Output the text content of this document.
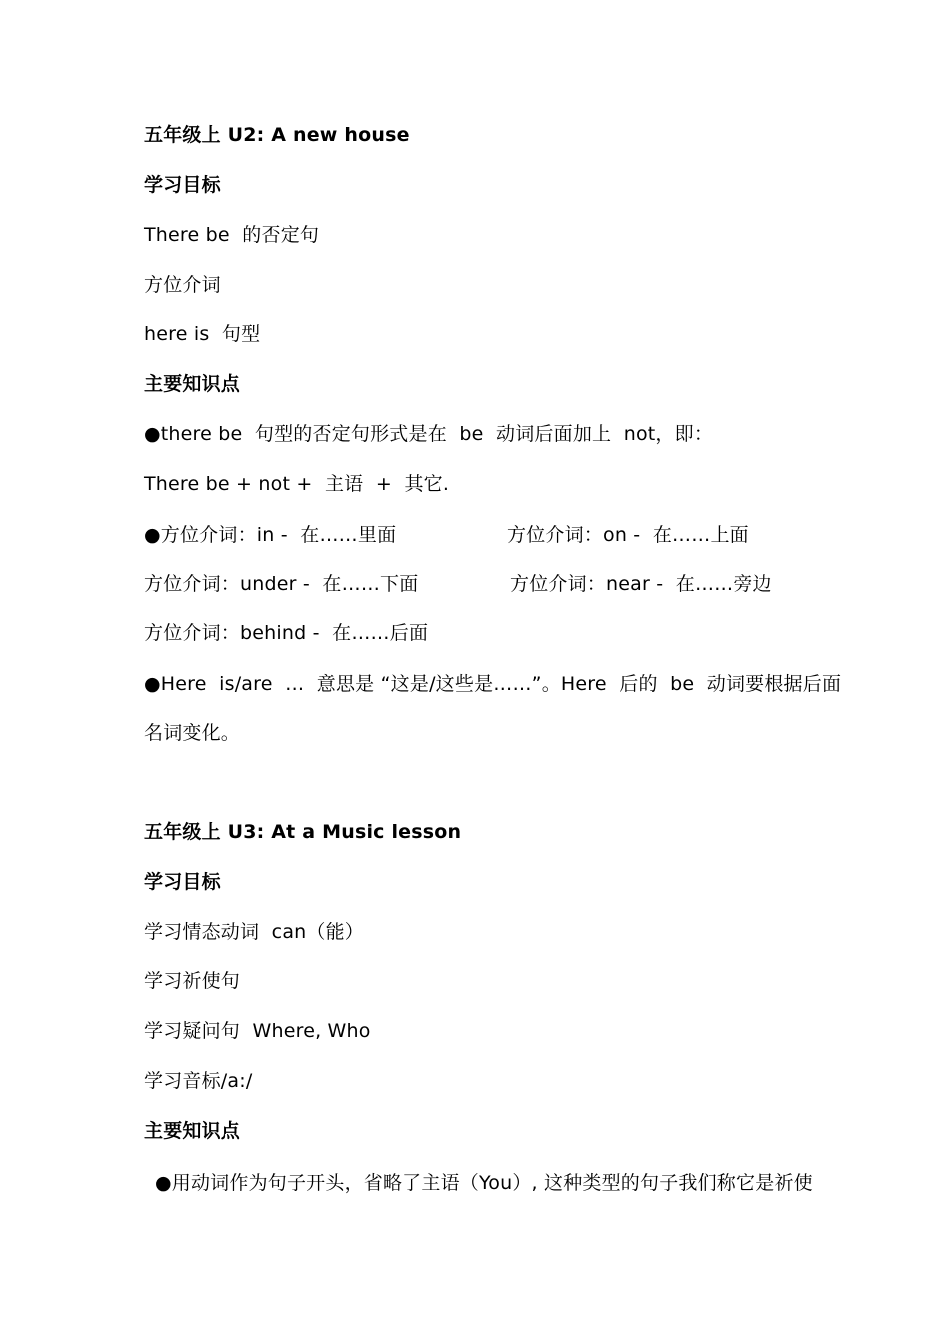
五年级上 U2: A new house
学习目标
There be  的否定句
方位介词
here is  句型
主要知识点
●there be  句型的否定句形式是在  be  动词后面加上  not，即：
There be + not +  主语  +  其它.
●方位介词：in -  在……里面	方位介词：on -  在……上面
方位介词：under -  在……下面	方位介词：near -  在……旁边
方位介词：behind -  在……后面
●Here  is/are  …  意思是 “这是/这些是……”。Here  后的  be  动词要根据后面
名词变化。
五年级上 U3: At a Music lesson
学习目标
学习情态动词  can（能）
学习祈使句
学习疑问句  Where, Who
学习音标/a:/
主要知识点
●用动词作为句子开头，省略了主语（You）, 这种类型的句子我们称它是祈使
